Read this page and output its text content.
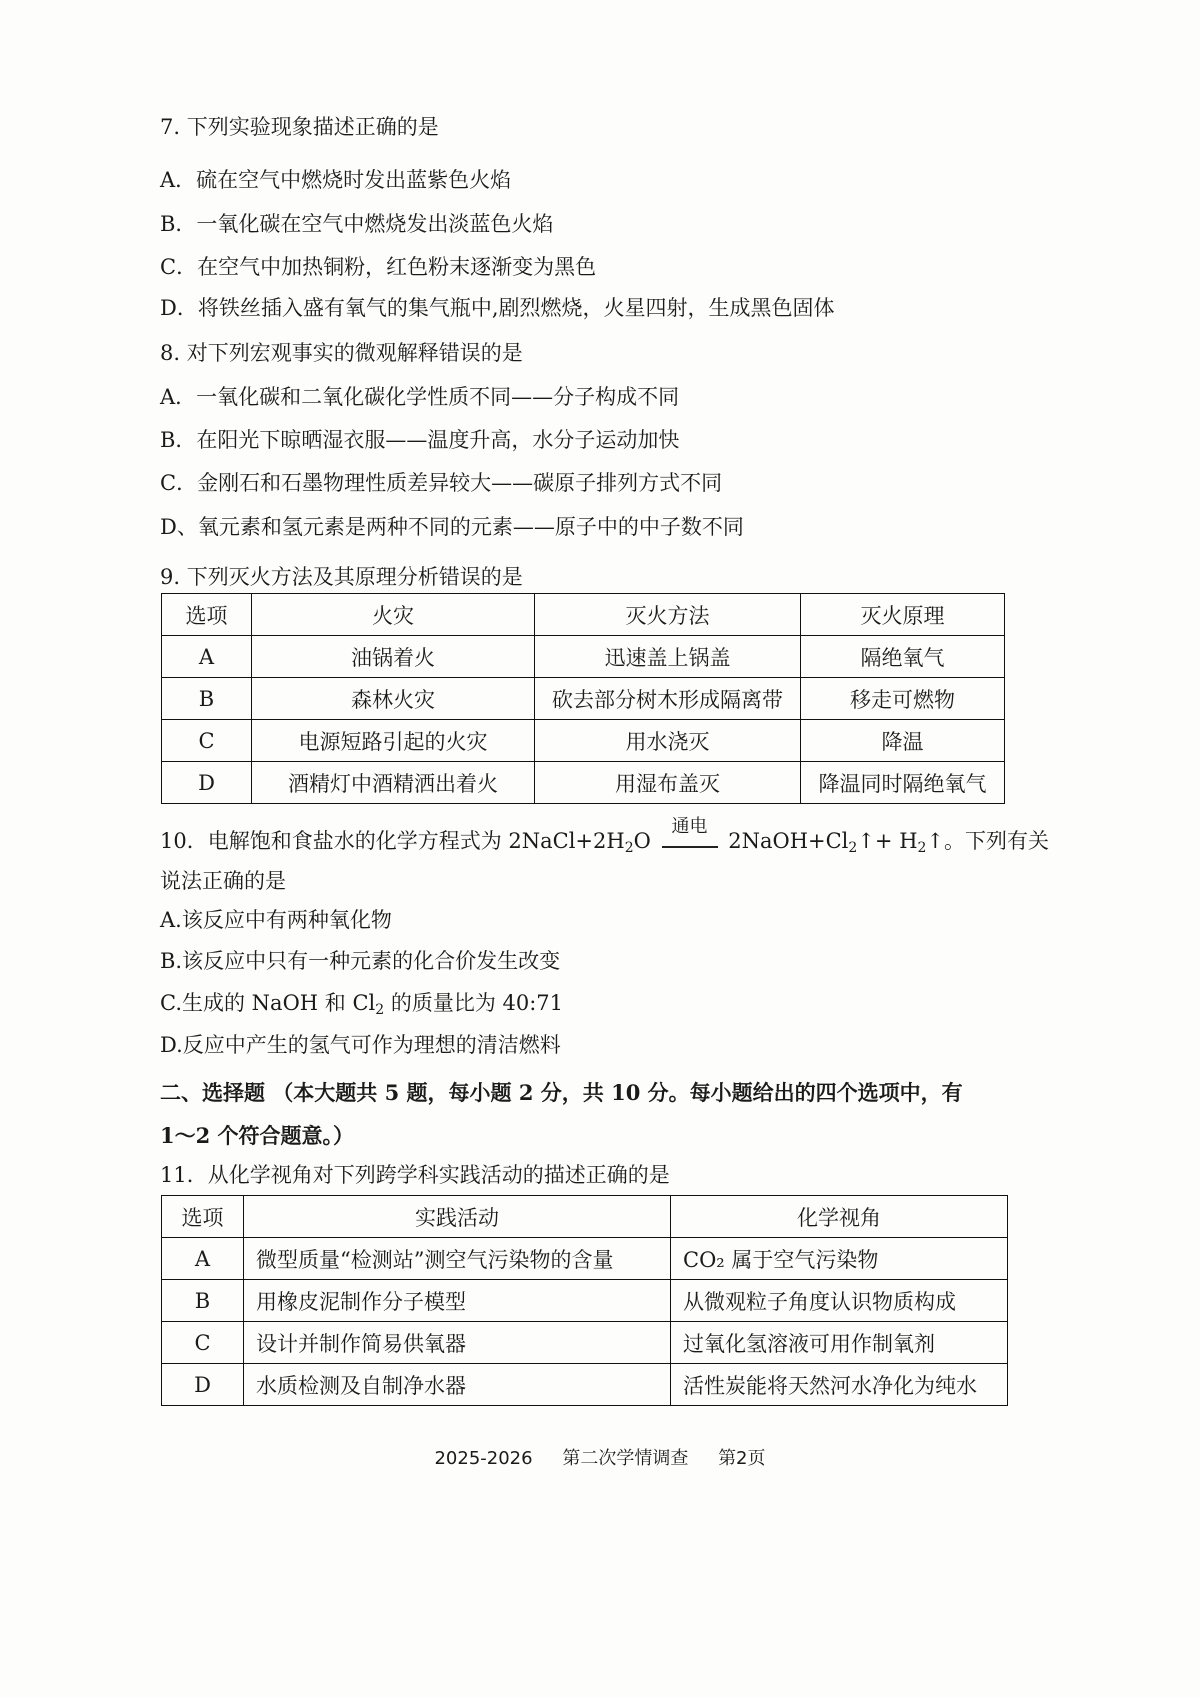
7. 下列实验现象描述正确的是
A．硫在空气中燃烧时发出蓝紫色火焰
B．一氧化碳在空气中燃烧发出淡蓝色火焰
C．在空气中加热铜粉，红色粉末逐渐变为黑色
D．将铁丝插入盛有氧气的集气瓶中,剧烈燃烧，火星四射，生成黑色固体
8. 对下列宏观事实的微观解释错误的是
A．一氧化碳和二氧化碳化学性质不同——分子构成不同
B．在阳光下晾晒湿衣服——温度升高，水分子运动加快
C．金刚石和石墨物理性质差异较大——碳原子排列方式不同
D、氧元素和氢元素是两种不同的元素——原子中的中子数不同
9. 下列灭火方法及其原理分析错误的是
选项	火灾	灭火方法	灭火原理
A	油锅着火	迅速盖上锅盖	隔绝氧气
B	森林火灾	砍去部分树木形成隔离带	移走可燃物
C	电源短路引起的火灾	用水浇灭	降温
D	酒精灯中酒精洒出着火	用湿布盖灭	降温同时隔绝氧气
10．电解饱和食盐水的化学方程式为 $2NaCl+2H_2O$
通电
$2NaOH+Cl_2↑+$ $H_2↑$。下列有关
说法正确的是
A.该反应中有两种氧化物
B.该反应中只有一种元素的化合价发生改变
C.生成的 NaOH 和 $Cl_2$ 的质量比为 40:71
D.反应中产生的氢气可作为理想的清洁燃料
二、选择题 （本大题共 5 题，每小题 2 分，共 10 分。每小题给出的四个选项中，有
1～2 个符合题意。）
11．从化学视角对下列跨学科实践活动的描述正确的是
选项	实践活动	化学视角
A	微型质量“检测站”测空气污染物的含量	CO₂ 属于空气污染物
B	用橡皮泥制作分子模型	从微观粒子角度认识物质构成
C	设计并制作简易供氧器	过氧化氢溶液可用作制氧剂
D	水质检测及自制净水器	活性炭能将天然河水净化为纯水
2025-2026 第二次学情调查 第2页
